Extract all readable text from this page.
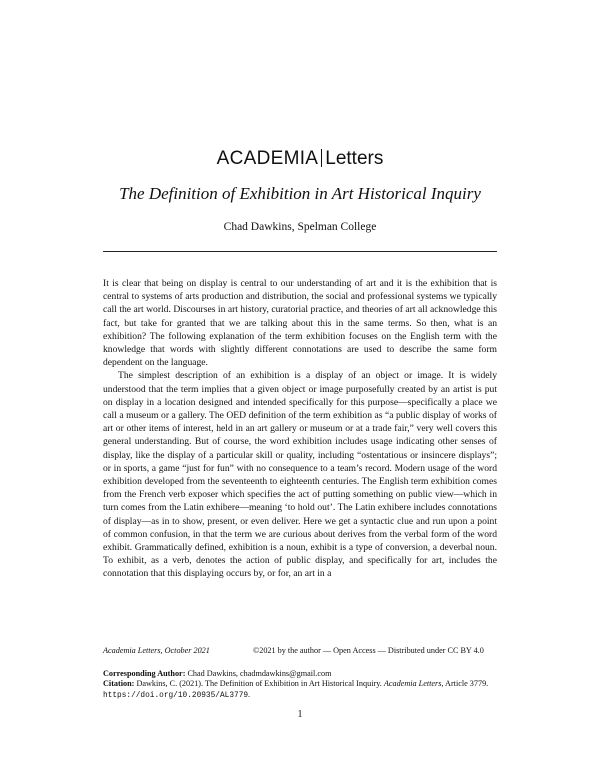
ACADEMIA Letters
The Definition of Exhibition in Art Historical Inquiry
Chad Dawkins, Spelman College

It is clear that being on display is central to our understanding of art and it is the exhibition that is central to systems of arts production and distribution, the social and professional systems we typically call the art world. Discourses in art history, curatorial practice, and theories of art all acknowledge this fact, but take for granted that we are talking about this in the same terms. So then, what is an exhibition? The following explanation of the term exhibition focuses on the English term with the knowledge that words with slightly different connotations are used to describe the same form dependent on the language.

The simplest description of an exhibition is a display of an object or image. It is widely understood that the term implies that a given object or image purposefully created by an artist is put on display in a location designed and intended specifically for this purpose—specifically a place we call a museum or a gallery. The OED definition of the term exhibition as “a public display of works of art or other items of interest, held in an art gallery or museum or at a trade fair,” very well covers this general understanding. But of course, the word exhibition includes usage indicating other senses of display, like the display of a particular skill or quality, including “ostentatious or insincere displays”; or in sports, a game “just for fun” with no consequence to a team’s record. Modern usage of the word exhibition developed from the seventeenth to eighteenth centuries. The English term exhibition comes from the French verb exposer which specifies the act of putting something on public view—which in turn comes from the Latin exhibere—meaning ‘to hold out’. The Latin exhibere includes connotations of display—as in to show, present, or even deliver. Here we get a syntactic clue and run upon a point of common confusion, in that the term we are curious about derives from the verbal form of the word exhibit. Grammatically defined, exhibition is a noun, exhibit is a type of conversion, a deverbal noun. To exhibit, as a verb, denotes the action of public display, and specifically for art, includes the connotation that this displaying occurs by, or for, an art in a

Academia Letters, October 2021	©2021 by the author — Open Access — Distributed under CC BY 4.0
Corresponding Author: Chad Dawkins, chadmdawkins@gmail.com
Citation: Dawkins, C. (2021). The Definition of Exhibition in Art Historical Inquiry. Academia Letters, Article 3779. https://doi.org/10.20935/AL3779.
1
